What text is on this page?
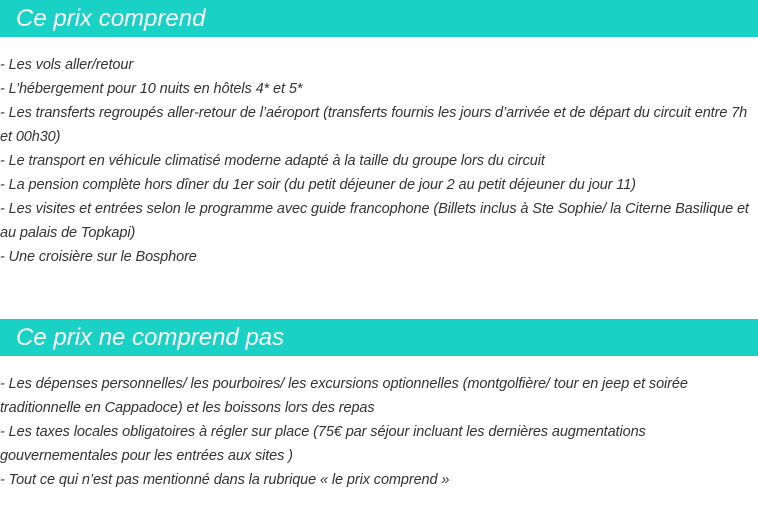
Ce prix comprend
- Les vols aller/retour
- L’hébergement pour 10 nuits en hôtels 4* et 5*
- Les transferts regroupés aller-retour de l’aéroport (transferts fournis les jours d’arrivée et de départ du circuit entre 7h et 00h30)
- Le transport en véhicule climatisé moderne adapté à la taille du groupe lors du circuit
- La pension complète hors dîner du 1er soir (du petit déjeuner de jour 2 au petit déjeuner du jour 11)
- Les visites et entrées selon le programme avec guide francophone (Billets inclus à Ste Sophie/ la Citerne Basilique et au palais de Topkapi)
- Une croisière sur le Bosphore
Ce prix ne comprend pas
- Les dépenses personnelles/ les pourboires/ les excursions optionnelles (montgolfière/ tour en jeep et soirée traditionnelle en Cappadoce) et les boissons lors des repas
- Les taxes locales obligatoires à régler sur place (75€ par séjour incluant les dernières augmentations gouvernementales pour les entrées aux sites )
- Tout ce qui n’est pas mentionné dans la rubrique « le prix comprend »
